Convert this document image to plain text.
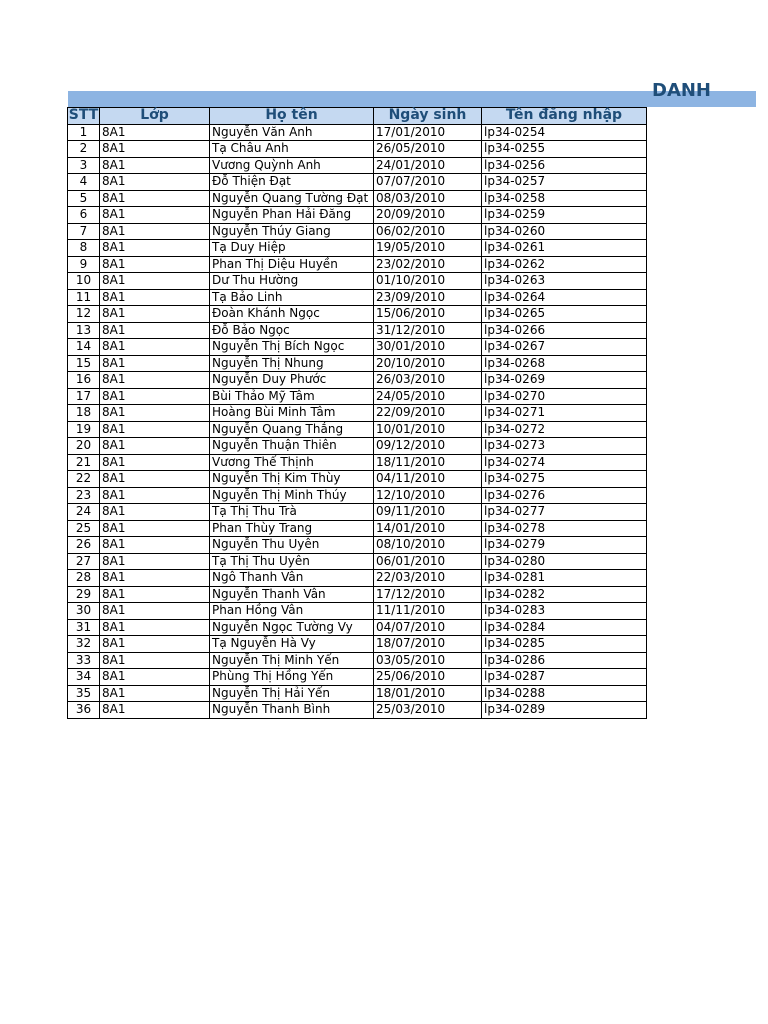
DANH
STT	Lớp	Họ tên	Ngày sinh	Tên đăng nhập
1	8A1	Nguyễn Văn Anh	17/01/2010	lp34-0254
2	8A1	Tạ Châu Anh	26/05/2010	lp34-0255
3	8A1	Vương Quỳnh Anh	24/01/2010	lp34-0256
4	8A1	Đỗ Thiện Đạt	07/07/2010	lp34-0257
5	8A1	Nguyễn Quang Tường Đạt	08/03/2010	lp34-0258
6	8A1	Nguyễn Phan Hải Đăng	20/09/2010	lp34-0259
7	8A1	Nguyễn Thúy Giang	06/02/2010	lp34-0260
8	8A1	Tạ Duy Hiệp	19/05/2010	lp34-0261
9	8A1	Phan Thị Diệu Huyền	23/02/2010	lp34-0262
10	8A1	Dư Thu Hường	01/10/2010	lp34-0263
11	8A1	Tạ Bảo Linh	23/09/2010	lp34-0264
12	8A1	Đoàn Khánh Ngọc	15/06/2010	lp34-0265
13	8A1	Đỗ Bảo Ngọc	31/12/2010	lp34-0266
14	8A1	Nguyễn Thị Bích Ngọc	30/01/2010	lp34-0267
15	8A1	Nguyễn Thị Nhung	20/10/2010	lp34-0268
16	8A1	Nguyễn Duy Phước	26/03/2010	lp34-0269
17	8A1	Bùi Thảo Mỹ Tâm	24/05/2010	lp34-0270
18	8A1	Hoàng Bùi Minh Tâm	22/09/2010	lp34-0271
19	8A1	Nguyễn Quang Thắng	10/01/2010	lp34-0272
20	8A1	Nguyễn Thuận Thiên	09/12/2010	lp34-0273
21	8A1	Vương Thế Thịnh	18/11/2010	lp34-0274
22	8A1	Nguyễn Thị Kim Thùy	04/11/2010	lp34-0275
23	8A1	Nguyễn Thị Minh Thúy	12/10/2010	lp34-0276
24	8A1	Tạ Thị Thu Trà	09/11/2010	lp34-0277
25	8A1	Phan Thùy Trang	14/01/2010	lp34-0278
26	8A1	Nguyễn Thu Uyên	08/10/2010	lp34-0279
27	8A1	Tạ Thị Thu Uyên	06/01/2010	lp34-0280
28	8A1	Ngô Thanh Vân	22/03/2010	lp34-0281
29	8A1	Nguyễn Thanh Vân	17/12/2010	lp34-0282
30	8A1	Phan Hồng Vân	11/11/2010	lp34-0283
31	8A1	Nguyễn Ngọc Tường Vy	04/07/2010	lp34-0284
32	8A1	Tạ Nguyễn Hà Vy	18/07/2010	lp34-0285
33	8A1	Nguyễn Thị Minh Yến	03/05/2010	lp34-0286
34	8A1	Phùng Thị Hồng Yến	25/06/2010	lp34-0287
35	8A1	Nguyễn Thị Hải Yến	18/01/2010	lp34-0288
36	8A1	Nguyễn Thanh Bình	25/03/2010	lp34-0289
